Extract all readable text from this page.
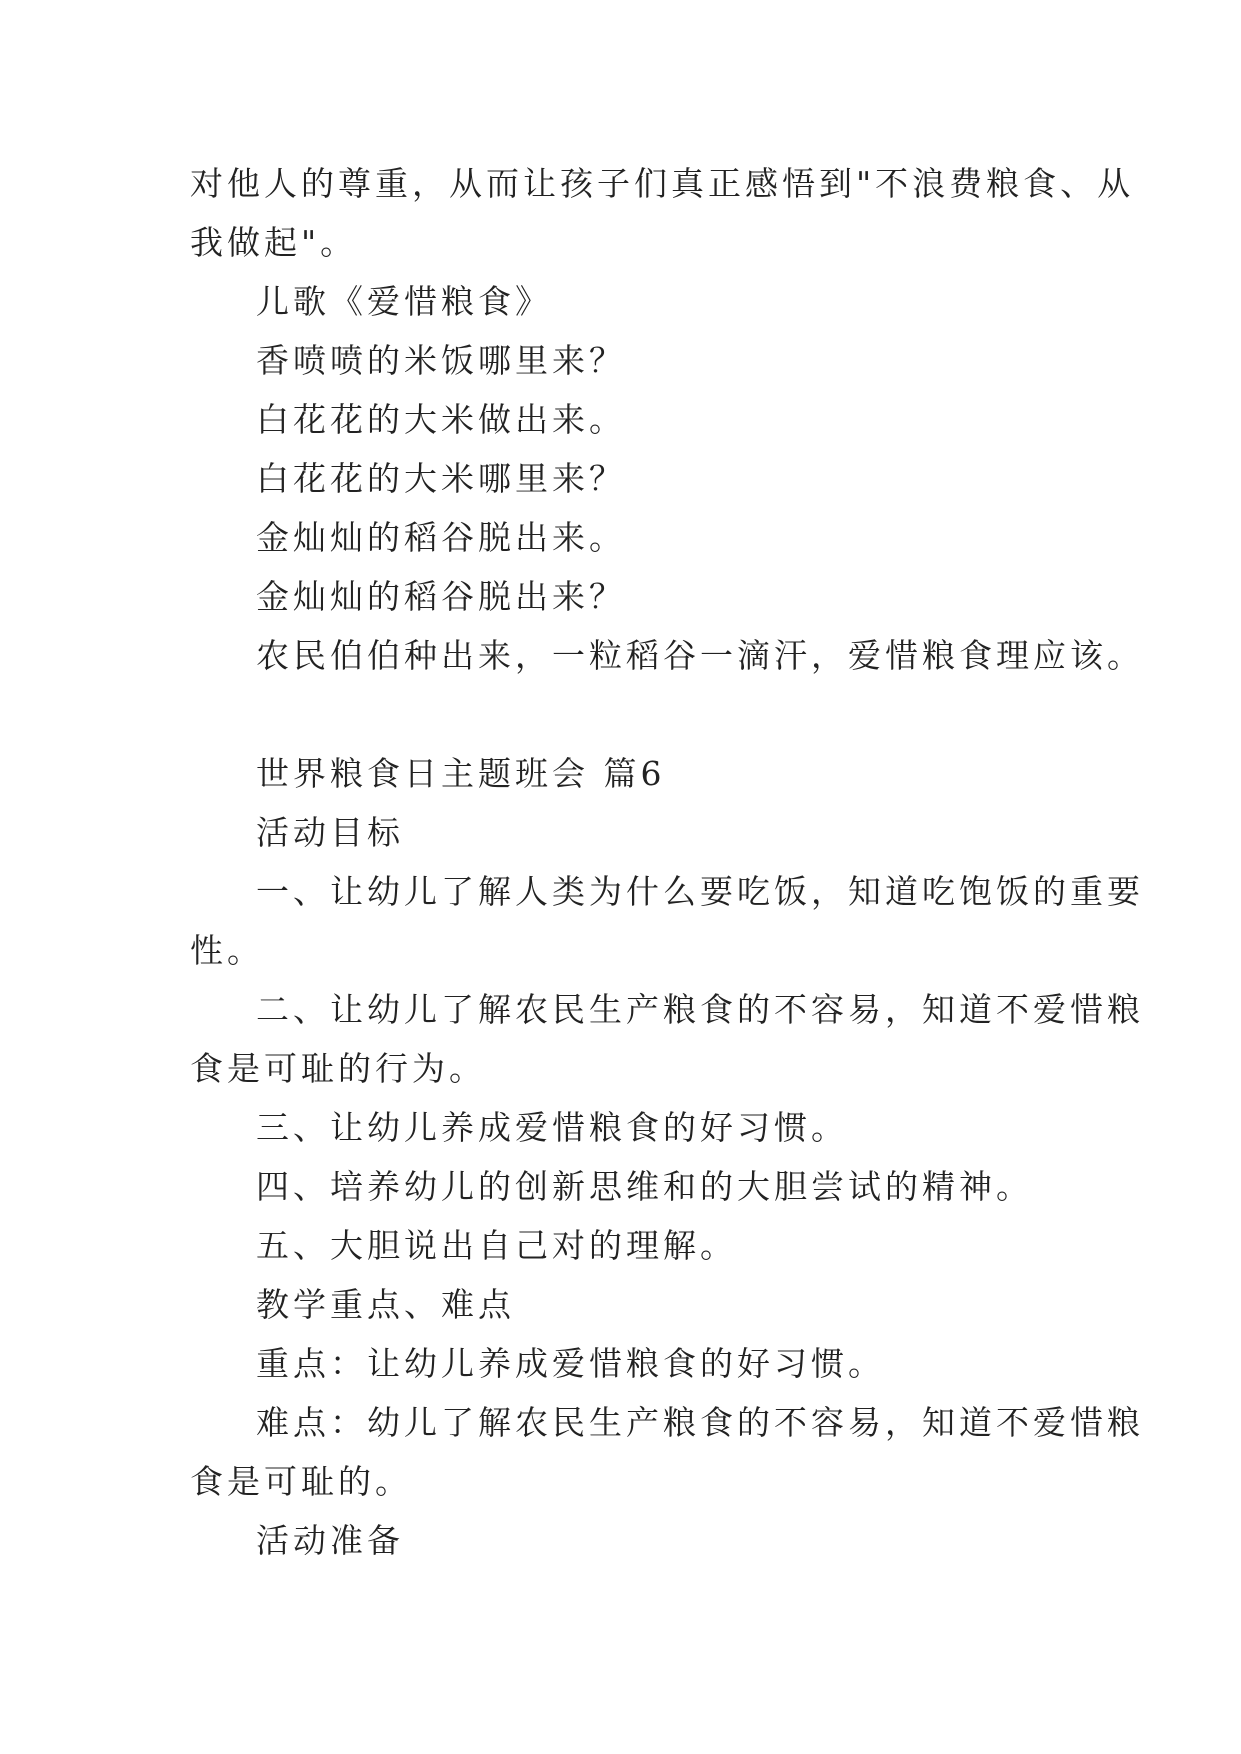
对他人的尊重，从而让孩子们真正感悟到"不浪费粮食、从
我做起"。
儿歌《爱惜粮食》
香喷喷的米饭哪里来？
白花花的大米做出来。
白花花的大米哪里来？
金灿灿的稻谷脱出来。
金灿灿的稻谷脱出来？
农民伯伯种出来，一粒稻谷一滴汗，爱惜粮食理应该。
世界粮食日主题班会 篇6
活动目标
一、让幼儿了解人类为什么要吃饭，知道吃饱饭的重要
性。
二、让幼儿了解农民生产粮食的不容易，知道不爱惜粮
食是可耻的行为。
三、让幼儿养成爱惜粮食的好习惯。
四、培养幼儿的创新思维和的大胆尝试的精神。
五、大胆说出自己对的理解。
教学重点、难点
重点：让幼儿养成爱惜粮食的好习惯。
难点：幼儿了解农民生产粮食的不容易，知道不爱惜粮
食是可耻的。
活动准备
